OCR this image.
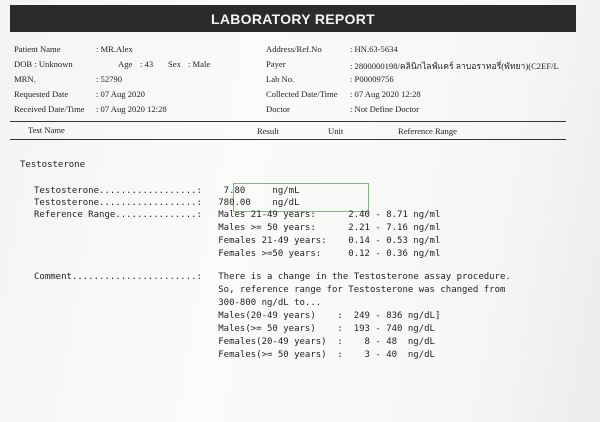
LABORATORY REPORT
Patient Name	: MR.Alex
DOB : Unknown	Age : 43 Sex : Male
MRN.	: 52790
Requested Date	: 07 Aug 2020
Received Date/Time : 07 Aug 2020 12:28
Address/Ref.No	: HN.63-5634
Payer	: 2800000198/คลินิกไลฟ์แคร์ ลาบอราทอรี่(พัทยา)(C2EF/L
Lab No.	: P00009756
Collected Date/Time : 07 Aug 2020 12:28
Doctor	: Not Define Doctor
Test Name	Result	Unit	Reference Range
Testosterone
Testosterone..................:    7.80     ng/mL
Testosterone..................:   780.00    ng/dL
Reference Range...............:   Males 21-49 years:      2.40 - 8.71 ng/ml
Males >= 50 years:      2.21 - 7.16 ng/ml
Females 21-49 years:    0.14 - 0.53 ng/ml
Females >=50 years:     0.12 - 0.36 ng/ml
Comment.......................:   There is a change in the Testosterone assay procedure.
So, reference range for Testosterone was changed from
300-800 ng/dL to...
Males(20-49 years)    :  249 - 836 ng/dL]
Males(>= 50 years)    :  193 - 740 ng/dL
Females(20-49 years)  :    8 - 48  ng/dL
Females(>= 50 years)  :    3 - 40  ng/dL
